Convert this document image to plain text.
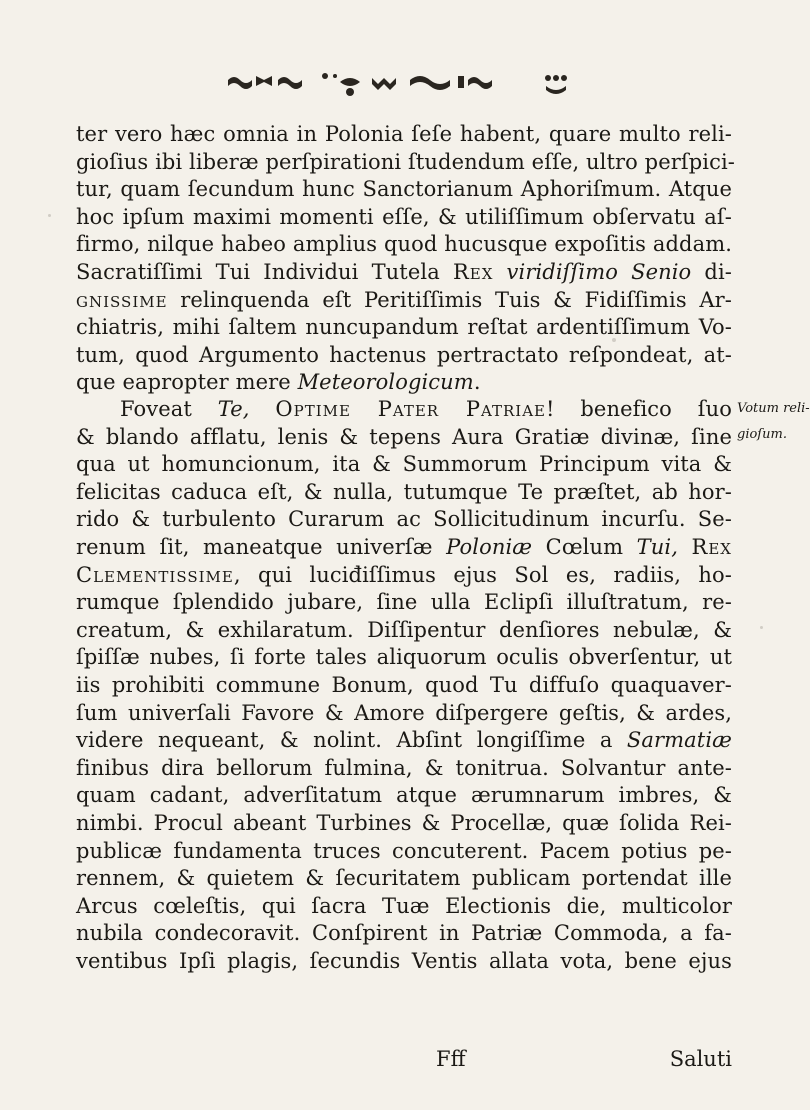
ter vero hæc omnia in Polonia ſeſe habent, quare multo reli-
gioſius ibi liberæ perſpirationi ſtudendum eſſe, ultro perſpici-
tur, quam ſecundum hunc Sanctorianum Aphoriſmum. Atque
hoc ipſum maximi momenti eſſe, & utiliſſimum obſervatu aſ-
firmo, nilque habeo amplius quod hucusque expoſitis addam.
Sacratiſſimi Tui Individui Tutela Rex viridiſſimo Senio di-
gnissime relinquenda eſt Peritiſſimis Tuis & Fidiſſimis Ar-
chiatris, mihi ſaltem nuncupandum reſtat ardentiſſimum Vo-
tum, quod Argumento hactenus pertractato reſpondeat, at-
que eapropter mere Meteorologicum.
Foveat Te, Optime Pater Patriae! benefico ſuo
& blando afflatu, lenis & tepens Aura Gratiæ divinæ, ſine
qua ut homuncionum, ita & Summorum Principum vita &
felicitas caduca eſt, & nulla, tutumque Te præſtet, ab hor-
rido & turbulento Curarum ac Sollicitudinum incurſu. Se-
renum ſit, maneatque univerſæ Poloniæ Cœlum Tui, Rex
Clementissime, qui luciđiſſimus ejus Sol es, radiis, ho-
rumque ſplendido jubare, ſine ulla Eclipſi illuſtratum, re-
creatum, & exhilaratum. Diſſipentur denſiores nebulæ, &
ſpiſſæ nubes, ſi forte tales aliquorum oculis obverſentur, ut
iis prohibiti commune Bonum, quod Tu diffuſo quaquaver-
ſum univerſali Favore & Amore diſpergere geſtis, & ardes,
videre nequeant, & nolint. Abſint longiſſime a Sarmatiæ
finibus dira bellorum fulmina, & tonitrua. Solvantur ante-
quam cadant, adverſitatum atque ærumnarum imbres, &
nimbi. Procul abeant Turbines & Procellæ, quæ ſolida Rei-
publicæ fundamenta truces concuterent. Pacem potius pe-
rennem, & quietem & ſecuritatem publicam portendat ille
Arcus cœleſtis, qui ſacra Tuæ Electionis die, multicolor
nubila condecoravit. Conſpirent in Patriæ Commoda, a fa-
ventibus Ipſi plagis, ſecundis Ventis allata vota, bene ejus
Votum reli-
gioſum.
Fff	Saluti
